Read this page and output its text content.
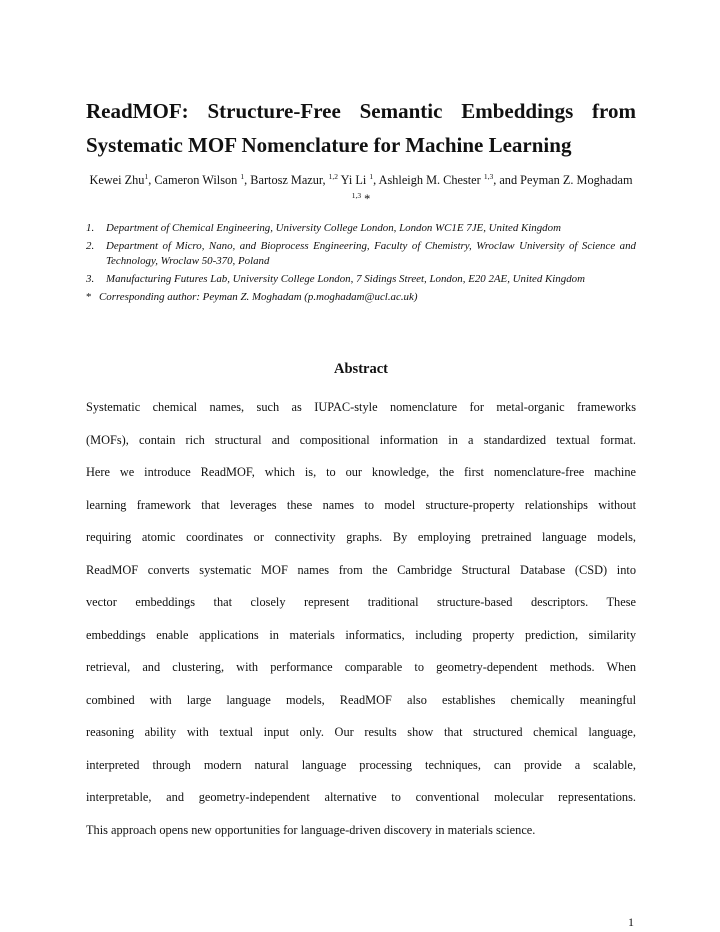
ReadMOF: Structure-Free Semantic Embeddings from
Systematic MOF Nomenclature for Machine Learning
Kewei Zhu$^1$, Cameron Wilson $^1$, Bartosz Mazur, $^{1,2}$ Yi Li $^1$, Ashleigh M. Chester $^{1,3}$, and Peyman Z. Moghadam $^{1,3}$ *
1. Department of Chemical Engineering, University College London, London WC1E 7JE, United Kingdom
2. Department of Micro, Nano, and Bioprocess Engineering, Faculty of Chemistry, Wroclaw University of Science and Technology, Wroclaw 50-370, Poland
3. Manufacturing Futures Lab, University College London, 7 Sidings Street, London, E20 2AE, United Kingdom
* Corresponding author: Peyman Z. Moghadam (p.moghadam@ucl.ac.uk)
Abstract
Systematic chemical names, such as IUPAC-style nomenclature for metal-organic frameworks
(MOFs), contain rich structural and compositional information in a standardized textual format.
Here we introduce ReadMOF, which is, to our knowledge, the first nomenclature-free machine
learning framework that leverages these names to model structure-property relationships without
requiring atomic coordinates or connectivity graphs. By employing pretrained language models,
ReadMOF converts systematic MOF names from the Cambridge Structural Database (CSD) into
vector embeddings that closely represent traditional structure-based descriptors. These
embeddings enable applications in materials informatics, including property prediction, similarity
retrieval, and clustering, with performance comparable to geometry-dependent methods. When
combined with large language models, ReadMOF also establishes chemically meaningful
reasoning ability with textual input only. Our results show that structured chemical language,
interpreted through modern natural language processing techniques, can provide a scalable,
interpretable, and geometry-independent alternative to conventional molecular representations.
This approach opens new opportunities for language-driven discovery in materials science.
1
